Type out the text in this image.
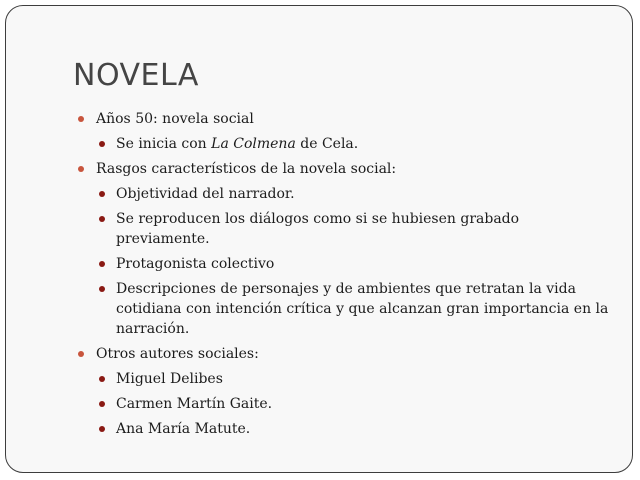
NOVELA
Años 50: novela social
Se inicia con La Colmena de Cela.
Rasgos característicos de la novela social:
Objetividad del narrador.
Se reproducen los diálogos como si se hubiesen grabado previamente.
Protagonista colectivo
Descripciones de personajes y de ambientes que retratan la vida cotidiana con intención crítica y que alcanzan gran importancia en la narración.
Otros autores sociales:
Miguel Delibes
Carmen Martín Gaite.
Ana María Matute.
